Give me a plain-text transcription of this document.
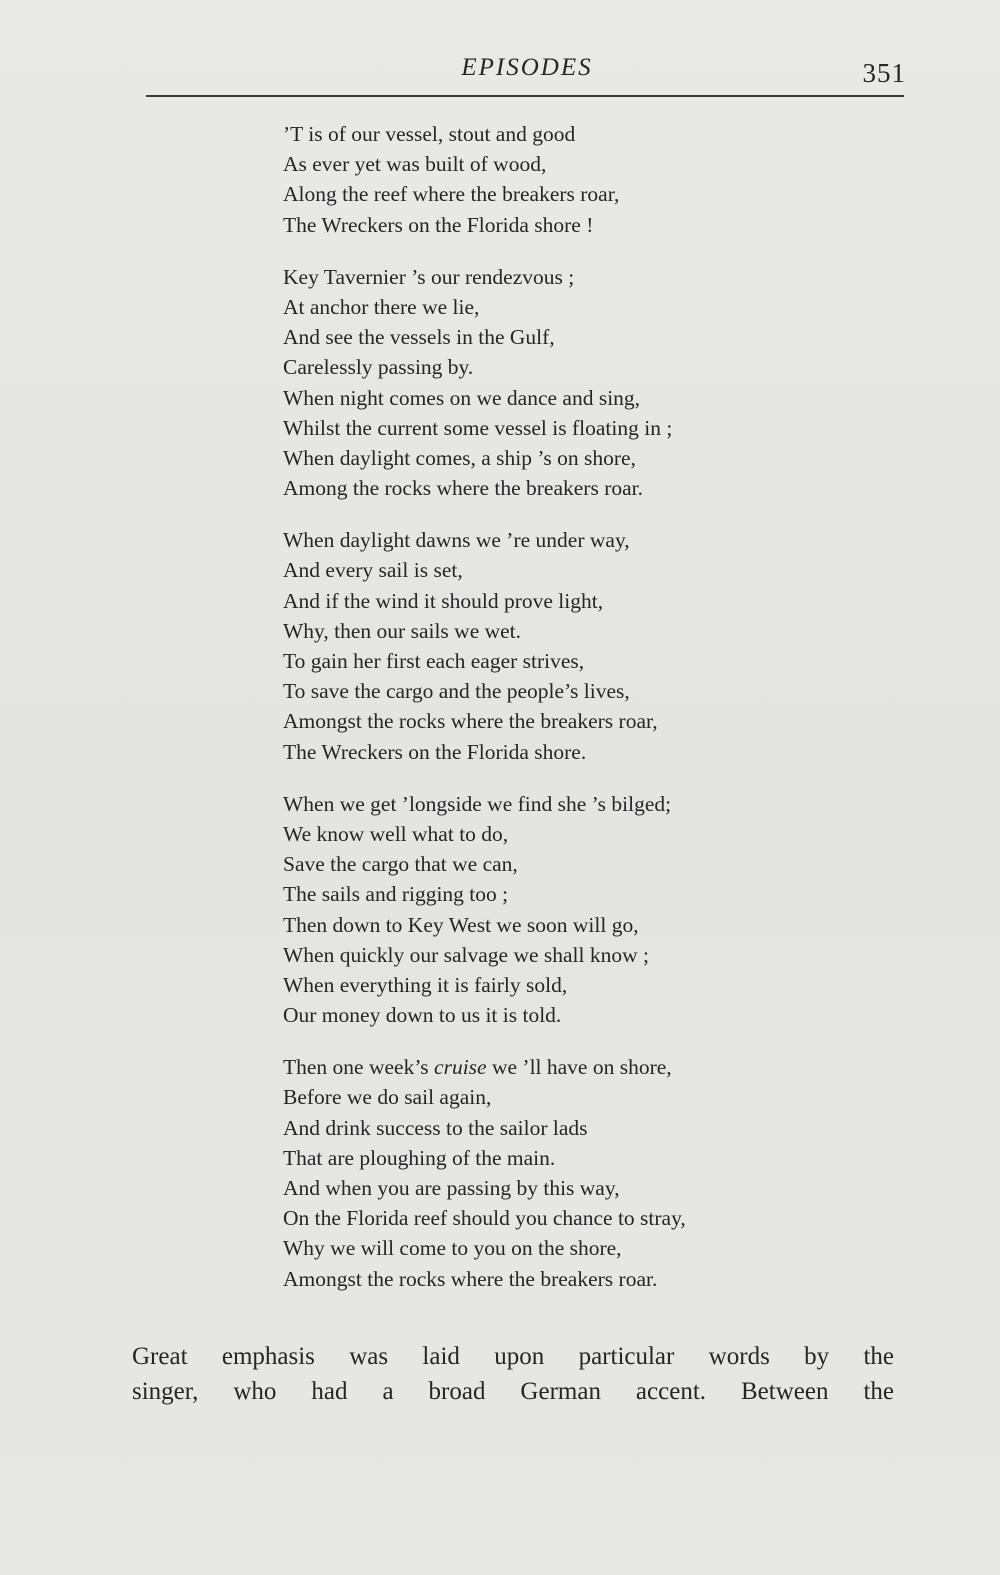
EPISODES	351
’T is of our vessel, stout and good
As ever yet was built of wood,
Along the reef where the breakers roar,
The Wreckers on the Florida shore !
Key Tavernier ’s our rendezvous ;
At anchor there we lie,
And see the vessels in the Gulf,
Carelessly passing by.
When night comes on we dance and sing,
Whilst the current some vessel is floating in ;
When daylight comes, a ship ’s on shore,
Among the rocks where the breakers roar.
When daylight dawns we ’re under way,
And every sail is set,
And if the wind it should prove light,
Why, then our sails we wet.
To gain her first each eager strives,
To save the cargo and the people’s lives,
Amongst the rocks where the breakers roar,
The Wreckers on the Florida shore.
When we get ’longside we find she ’s bilged;
We know well what to do,
Save the cargo that we can,
The sails and rigging too ;
Then down to Key West we soon will go,
When quickly our salvage we shall know ;
When everything it is fairly sold,
Our money down to us it is told.
Then one week’s cruise we ’ll have on shore,
Before we do sail again,
And drink success to the sailor lads
That are ploughing of the main.
And when you are passing by this way,
On the Florida reef should you chance to stray,
Why we will come to you on the shore,
Amongst the rocks where the breakers roar.
Great emphasis was laid upon particular words by the
singer, who had a broad German accent. Between the
